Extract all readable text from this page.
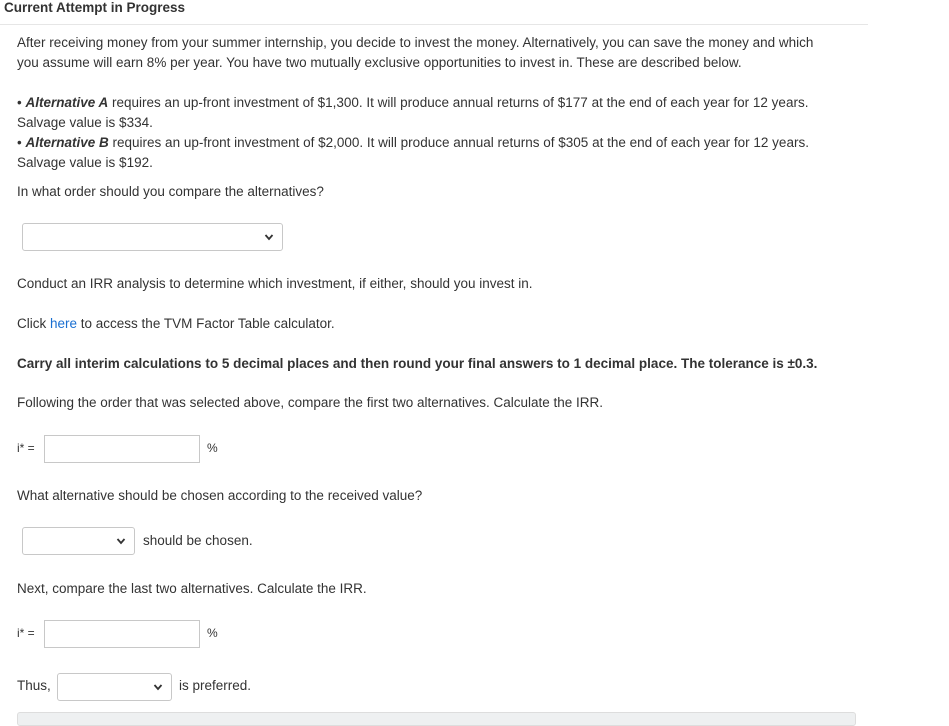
Current Attempt in Progress
After receiving money from your summer internship, you decide to invest the money. Alternatively, you can save the money and which
you assume will earn 8% per year. You have two mutually exclusive opportunities to invest in. These are described below.
• Alternative A requires an up-front investment of $1,300. It will produce annual returns of $177 at the end of each year for 12 years.
Salvage value is $334.
• Alternative B requires an up-front investment of $2,000. It will produce annual returns of $305 at the end of each year for 12 years.
Salvage value is $192.
In what order should you compare the alternatives?
Conduct an IRR analysis to determine which investment, if either, should you invest in.
Click here to access the TVM Factor Table calculator.
Carry all interim calculations to 5 decimal places and then round your final answers to 1 decimal place. The tolerance is ±0.3.
Following the order that was selected above, compare the first two alternatives. Calculate the IRR.
i* =	%
What alternative should be chosen according to the received value?
should be chosen.
Next, compare the last two alternatives. Calculate the IRR.
i* =	%
Thus,	is preferred.
